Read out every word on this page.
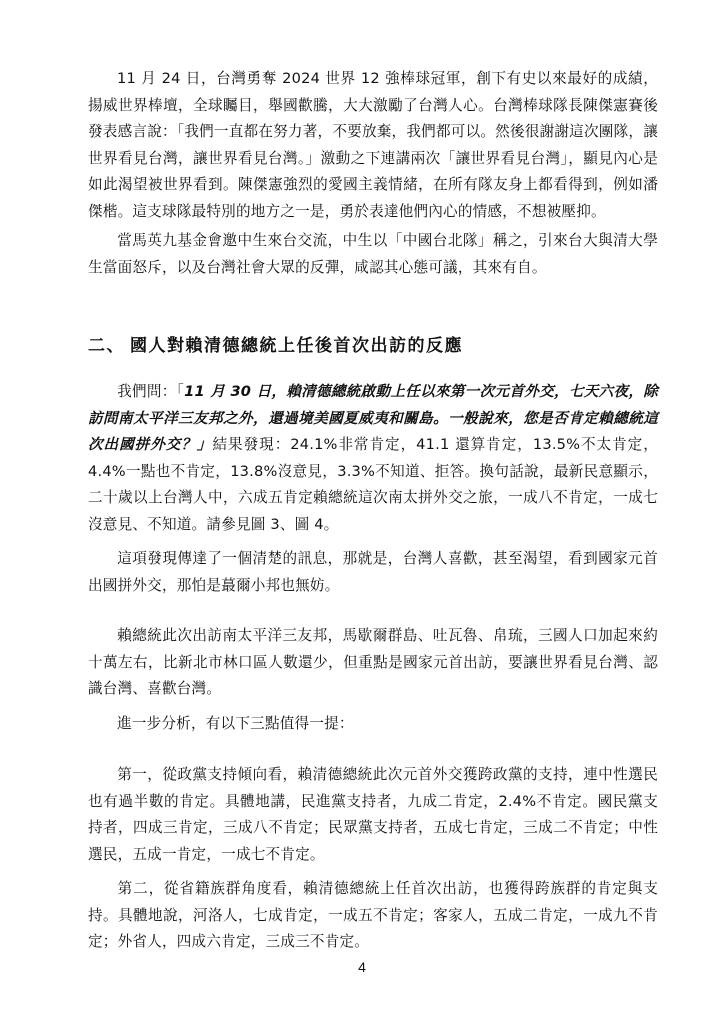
11 月 24 日，台灣勇奪 2024 世界 12 強棒球冠軍，創下有史以來最好的成績，揚威世界棒壇，全球矚目，舉國歡騰，大大激勵了台灣人心。台灣棒球隊長陳傑憲賽後發表感言說：「我們一直都在努力著，不要放棄，我們都可以。然後很謝謝這次團隊，讓世界看見台灣，讓世界看見台灣。」激動之下連講兩次「讓世界看見台灣」，顯見內心是如此渴望被世界看到。陳傑憲強烈的愛國主義情緒，在所有隊友身上都看得到，例如潘傑楷。這支球隊最特別的地方之一是，勇於表達他們內心的情感，不想被壓抑。

當馬英九基金會邀中生來台交流，中生以「中國台北隊」稱之，引來台大與清大學生當面怒斥，以及台灣社會大眾的反彈，咸認其心態可議，其來有自。

二、 國人對賴清德總統上任後首次出訪的反應

我們問：「11 月 30 日，賴清德總統啟動上任以來第一次元首外交，七天六夜，除訪問南太平洋三友邦之外，還過境美國夏威夷和關島。一般說來，您是否肯定賴總統這次出國拼外交？」結果發現：24.1%非常肯定，41.1 還算肯定，13.5%不太肯定，4.4%一點也不肯定，13.8%沒意見，3.3%不知道、拒答。換句話說，最新民意顯示，二十歲以上台灣人中，六成五肯定賴總統這次南太拼外交之旅，一成八不肯定，一成七沒意見、不知道。請參見圖 3、圖 4。

這項發現傳達了一個清楚的訊息，那就是，台灣人喜歡，甚至渴望，看到國家元首出國拼外交，那怕是蕞爾小邦也無妨。

賴總統此次出訪南太平洋三友邦，馬歇爾群島、吐瓦魯、帛琉，三國人口加起來約十萬左右，比新北市林口區人數還少，但重點是國家元首出訪，要讓世界看見台灣、認識台灣、喜歡台灣。

進一步分析，有以下三點值得一提：

第一，從政黨支持傾向看，賴清德總統此次元首外交獲跨政黨的支持，連中性選民也有過半數的肯定。具體地講，民進黨支持者，九成二肯定，2.4%不肯定。國民黨支持者，四成三肯定，三成八不肯定；民眾黨支持者，五成七肯定，三成二不肯定；中性選民，五成一肯定，一成七不肯定。

第二，從省籍族群角度看，賴清德總統上任首次出訪，也獲得跨族群的肯定與支持。具體地說，河洛人，七成肯定，一成五不肯定；客家人，五成二肯定，一成九不肯定；外省人，四成六肯定，三成三不肯定。

4
